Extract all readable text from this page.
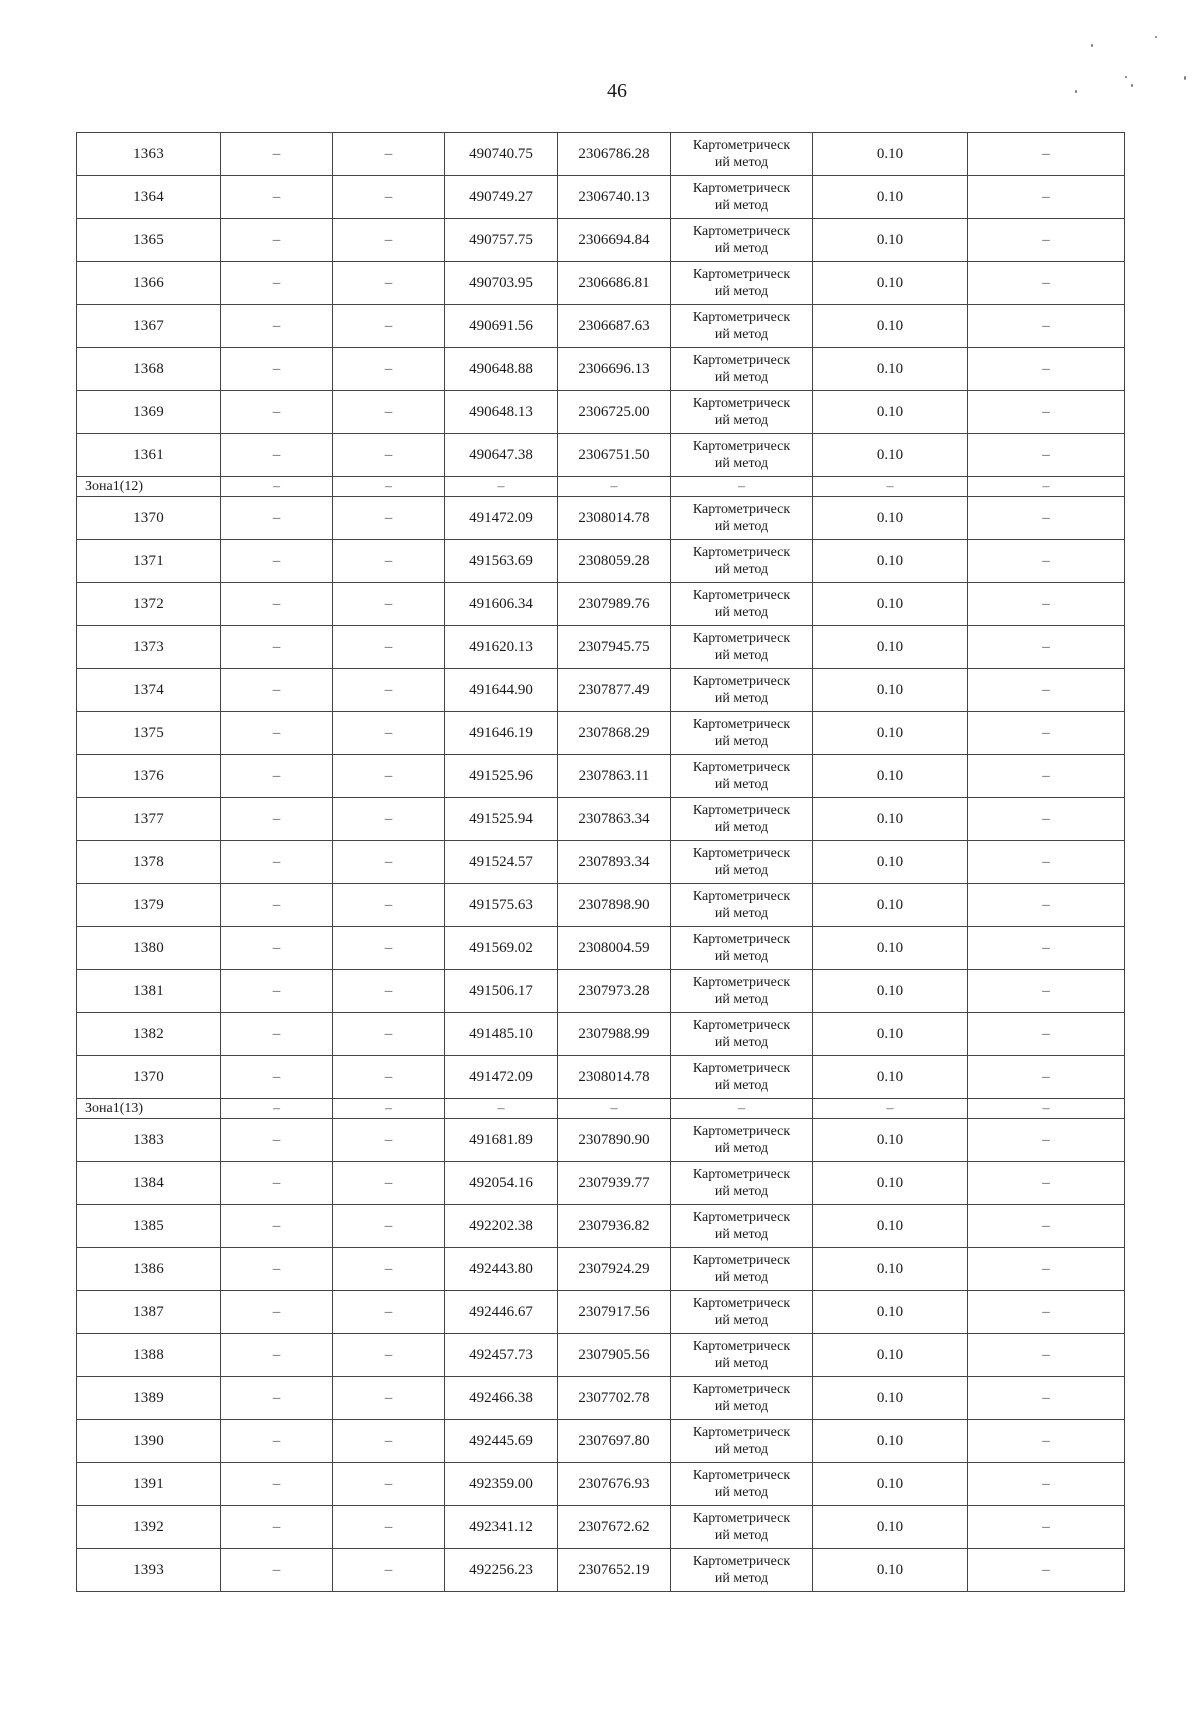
46
1363	–	–	490740.75	2306786.28	Картометрическ
ий метод	0.10	–
1364	–	–	490749.27	2306740.13	Картометрическ
ий метод	0.10	–
1365	–	–	490757.75	2306694.84	Картометрическ
ий метод	0.10	–
1366	–	–	490703.95	2306686.81	Картометрическ
ий метод	0.10	–
1367	–	–	490691.56	2306687.63	Картометрическ
ий метод	0.10	–
1368	–	–	490648.88	2306696.13	Картометрическ
ий метод	0.10	–
1369	–	–	490648.13	2306725.00	Картометрическ
ий метод	0.10	–
1361	–	–	490647.38	2306751.50	Картометрическ
ий метод	0.10	–
Зона1(12)	–	–	–	–	–	–	–
1370	–	–	491472.09	2308014.78	Картометрическ
ий метод	0.10	–
1371	–	–	491563.69	2308059.28	Картометрическ
ий метод	0.10	–
1372	–	–	491606.34	2307989.76	Картометрическ
ий метод	0.10	–
1373	–	–	491620.13	2307945.75	Картометрическ
ий метод	0.10	–
1374	–	–	491644.90	2307877.49	Картометрическ
ий метод	0.10	–
1375	–	–	491646.19	2307868.29	Картометрическ
ий метод	0.10	–
1376	–	–	491525.96	2307863.11	Картометрическ
ий метод	0.10	–
1377	–	–	491525.94	2307863.34	Картометрическ
ий метод	0.10	–
1378	–	–	491524.57	2307893.34	Картометрическ
ий метод	0.10	–
1379	–	–	491575.63	2307898.90	Картометрическ
ий метод	0.10	–
1380	–	–	491569.02	2308004.59	Картометрическ
ий метод	0.10	–
1381	–	–	491506.17	2307973.28	Картометрическ
ий метод	0.10	–
1382	–	–	491485.10	2307988.99	Картометрическ
ий метод	0.10	–
1370	–	–	491472.09	2308014.78	Картометрическ
ий метод	0.10	–
Зона1(13)	–	–	–	–	–	–	–
1383	–	–	491681.89	2307890.90	Картометрическ
ий метод	0.10	–
1384	–	–	492054.16	2307939.77	Картометрическ
ий метод	0.10	–
1385	–	–	492202.38	2307936.82	Картометрическ
ий метод	0.10	–
1386	–	–	492443.80	2307924.29	Картометрическ
ий метод	0.10	–
1387	–	–	492446.67	2307917.56	Картометрическ
ий метод	0.10	–
1388	–	–	492457.73	2307905.56	Картометрическ
ий метод	0.10	–
1389	–	–	492466.38	2307702.78	Картометрическ
ий метод	0.10	–
1390	–	–	492445.69	2307697.80	Картометрическ
ий метод	0.10	–
1391	–	–	492359.00	2307676.93	Картометрическ
ий метод	0.10	–
1392	–	–	492341.12	2307672.62	Картометрическ
ий метод	0.10	–
1393	–	–	492256.23	2307652.19	Картометрическ
ий метод	0.10	–
